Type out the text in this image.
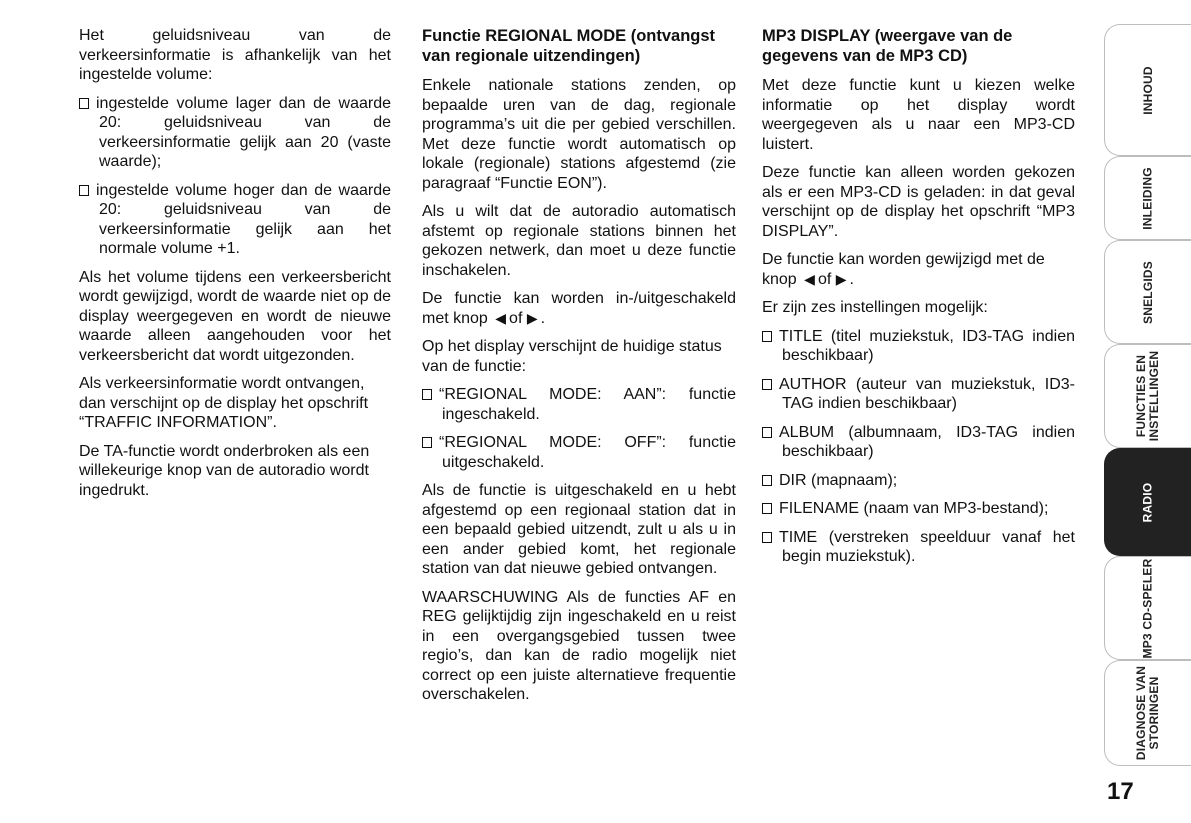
Het geluidsniveau van de verkeersinformatie is afhankelijk van het ingestelde volume:

ingestelde volume lager dan de waarde 20: geluidsniveau van de verkeersinformatie gelijk aan 20 (vaste waarde);
ingestelde volume hoger dan de waarde 20: geluidsniveau van de verkeersinformatie gelijk aan het normale volume +1.

Als het volume tijdens een verkeersbericht wordt gewijzigd, wordt de waarde niet op de display weergegeven en wordt de nieuwe waarde alleen aangehouden voor het verkeersbericht dat wordt uitgezonden.

Als verkeersinformatie wordt ontvangen, dan verschijnt op de display het opschrift “TRAFFIC INFORMATION”.

De TA-functie wordt onderbroken als een willekeurige knop van de autoradio wordt ingedrukt.

Functie REGIONAL MODE (ontvangst van regionale uitzendingen)

Enkele nationale stations zenden, op bepaalde uren van de dag, regionale programma’s uit die per gebied verschillen. Met deze functie wordt automatisch op lokale (regionale) stations afgestemd (zie paragraaf “Functie EON”).

Als u wilt dat de autoradio automatisch afstemt op regionale stations binnen het gekozen netwerk, dan moet u deze functie inschakelen.

De functie kan worden in-/uitgeschakeld met knop ◀ of ▶ .

Op het display verschijnt de huidige status van de functie:

“REGIONAL MODE: AAN”: functie ingeschakeld.
“REGIONAL MODE: OFF”: functie uitgeschakeld.

Als de functie is uitgeschakeld en u hebt afgestemd op een regionaal station dat in een bepaald gebied uitzendt, zult u als u in een ander gebied komt, het regionale station van dat nieuwe gebied ontvangen.

WAARSCHUWING Als de functies AF en REG gelijktijdig zijn ingeschakeld en u reist in een overgangsgebied tussen twee regio’s, dan kan de radio mogelijk niet correct op een juiste alternatieve frequentie overschakelen.

MP3 DISPLAY (weergave van de gegevens van de MP3 CD)

Met deze functie kunt u kiezen welke informatie op het display wordt weergegeven als u naar een MP3-CD luistert.

Deze functie kan alleen worden gekozen als er een MP3-CD is geladen: in dat geval verschijnt op de display het opschrift “MP3 DISPLAY”.

De functie kan worden gewijzigd met de knop ◀ of ▶ .

Er zijn zes instellingen mogelijk:

TITLE (titel muziekstuk, ID3-TAG indien beschikbaar)
AUTHOR (auteur van muziekstuk, ID3-TAG indien beschikbaar)
ALBUM (albumnaam, ID3-TAG indien beschikbaar)
DIR (mapnaam);
FILENAME (naam van MP3-bestand);
TIME (verstreken speelduur vanaf het begin muziekstuk).
INHOUD
INLEIDING
SNELGIDS
FUNCTIES EN INSTELLINGEN
RADIO
MP3 CD-SPELER
DIAGNOSE VAN STORINGEN
17
